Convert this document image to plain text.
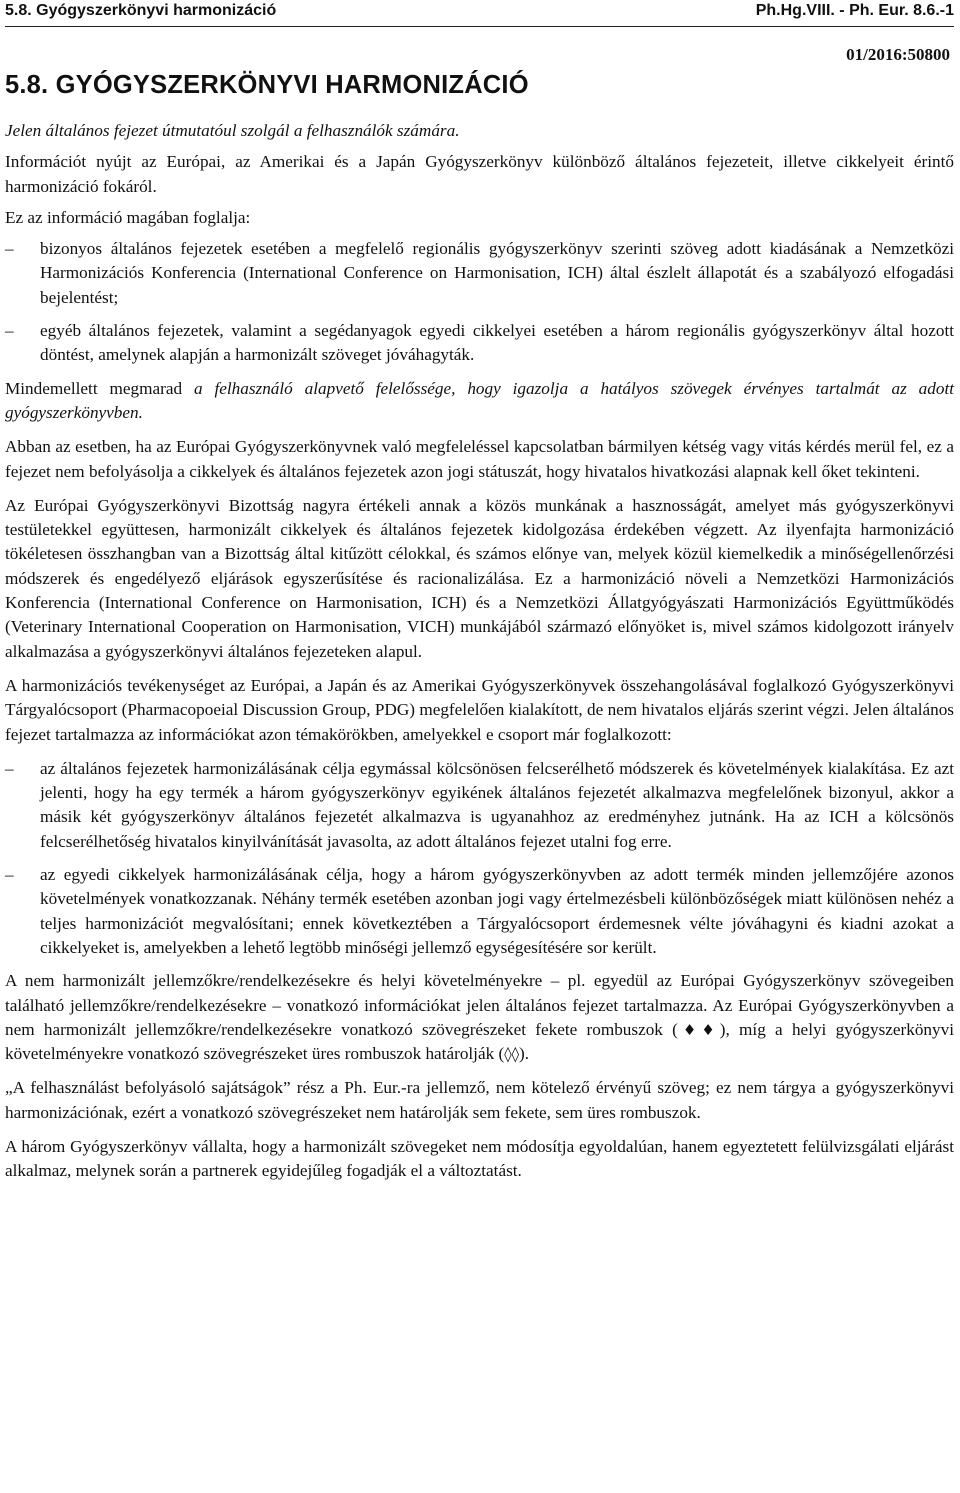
5.8. Gyógyszerkönyvi harmonizáció	Ph.Hg.VIII. - Ph. Eur. 8.6.-1
01/2016:50800
5.8. GYÓGYSZERKÖNYVI HARMONIZÁCIÓ

Jelen általános fejezet útmutatóul szolgál a felhasználók számára.

Információt nyújt az Európai, az Amerikai és a Japán Gyógyszerkönyv különböző általános fejezeteit, illetve cikkelyeit érintő harmonizáció fokáról.

Ez az információ magában foglalja:

–	bizonyos általános fejezetek esetében a megfelelő regionális gyógyszerkönyv szerinti szöveg adott kiadásának a Nemzetközi Harmonizációs Konferencia (International Conference on Harmonisation, ICH) által észlelt állapotát és a szabályozó elfogadási bejelentést;
–	egyéb általános fejezetek, valamint a segédanyagok egyedi cikkelyei esetében a három regionális gyógyszerkönyv által hozott döntést, amelynek alapján a harmonizált szöveget jóváhagyták.

Mindemellett megmarad a felhasználó alapvető felelőssége, hogy igazolja a hatályos szövegek érvényes tartalmát az adott gyógyszerkönyvben.

Abban az esetben, ha az Európai Gyógyszerkönyvnek való megfeleléssel kapcsolatban bármilyen kétség vagy vitás kérdés merül fel, ez a fejezet nem befolyásolja a cikkelyek és általános fejezetek azon jogi státuszát, hogy hivatalos hivatkozási alapnak kell őket tekinteni.

Az Európai Gyógyszerkönyvi Bizottság nagyra értékeli annak a közös munkának a hasznosságát, amelyet más gyógyszerkönyvi testületekkel együttesen, harmonizált cikkelyek és általános fejezetek kidolgozása érdekében végzett. Az ilyenfajta harmonizáció tökéletesen összhangban van a Bizottság által kitűzött célokkal, és számos előnye van, melyek közül kiemelkedik a minőségellenőrzési módszerek és engedélyező eljárások egyszerűsítése és racionalizálása. Ez a harmonizáció növeli a Nemzetközi Harmonizációs Konferencia (International Conference on Harmonisation, ICH) és a Nemzetközi Állatgyógyászati Harmonizációs Együttműködés (Veterinary International Cooperation on Harmonisation, VICH) munkájából származó előnyöket is, mivel számos kidolgozott irányelv alkalmazása a gyógyszerkönyvi általános fejezeteken alapul.

A harmonizációs tevékenységet az Európai, a Japán és az Amerikai Gyógyszerkönyvek összehangolásával foglalkozó Gyógyszerkönyvi Tárgyalócsoport (Pharmacopoeial Discussion Group, PDG) megfelelően kialakított, de nem hivatalos eljárás szerint végzi. Jelen általános fejezet tartalmazza az információkat azon témakörökben, amelyekkel e csoport már foglalkozott:

–	az általános fejezetek harmonizálásának célja egymással kölcsönösen felcserélhető módszerek és követelmények kialakítása. Ez azt jelenti, hogy ha egy termék a három gyógyszerkönyv egyikének általános fejezetét alkalmazva megfelelőnek bizonyul, akkor a másik két gyógyszerkönyv általános fejezetét alkalmazva is ugyanahhoz az eredményhez jutnánk. Ha az ICH a kölcsönös felcserélhetőség hivatalos kinyilvánítását javasolta, az adott általános fejezet utalni fog erre.
–	az egyedi cikkelyek harmonizálásának célja, hogy a három gyógyszerkönyvben az adott termék minden jellemzőjére azonos követelmények vonatkozzanak. Néhány termék esetében azonban jogi vagy értelmezésbeli különbözőségek miatt különösen nehéz a teljes harmonizációt megvalósítani; ennek következtében a Tárgyalócsoport érdemesnek vélte jóváhagyni és kiadni azokat a cikkelyeket is, amelyekben a lehető legtöbb minőségi jellemző egységesítésére sor került.

A nem harmonizált jellemzőkre/rendelkezésekre és helyi követelményekre – pl. egyedül az Európai Gyógyszerkönyv szövegeiben található jellemzőkre/rendelkezésekre – vonatkozó információkat jelen általános fejezet tartalmazza. Az Európai Gyógyszerkönyvben a nem harmonizált jellemzőkre/rendelkezésekre vonatkozó szövegrészeket fekete rombuszok (♦♦), míg a helyi gyógyszerkönyvi követelményekre vonatkozó szövegrészeket üres rombuszok határolják (◊◊).

„A felhasználást befolyásoló sajátságok” rész a Ph. Eur.-ra jellemző, nem kötelező érvényű szöveg; ez nem tárgya a gyógyszerkönyvi harmonizációnak, ezért a vonatkozó szövegrészeket nem határolják sem fekete, sem üres rombuszok.

A három Gyógyszerkönyv vállalta, hogy a harmonizált szövegeket nem módosítja egyoldalúan, hanem egyeztetett felülvizsgálati eljárást alkalmaz, melynek során a partnerek egyidejűleg fogadják el a változtatást.
